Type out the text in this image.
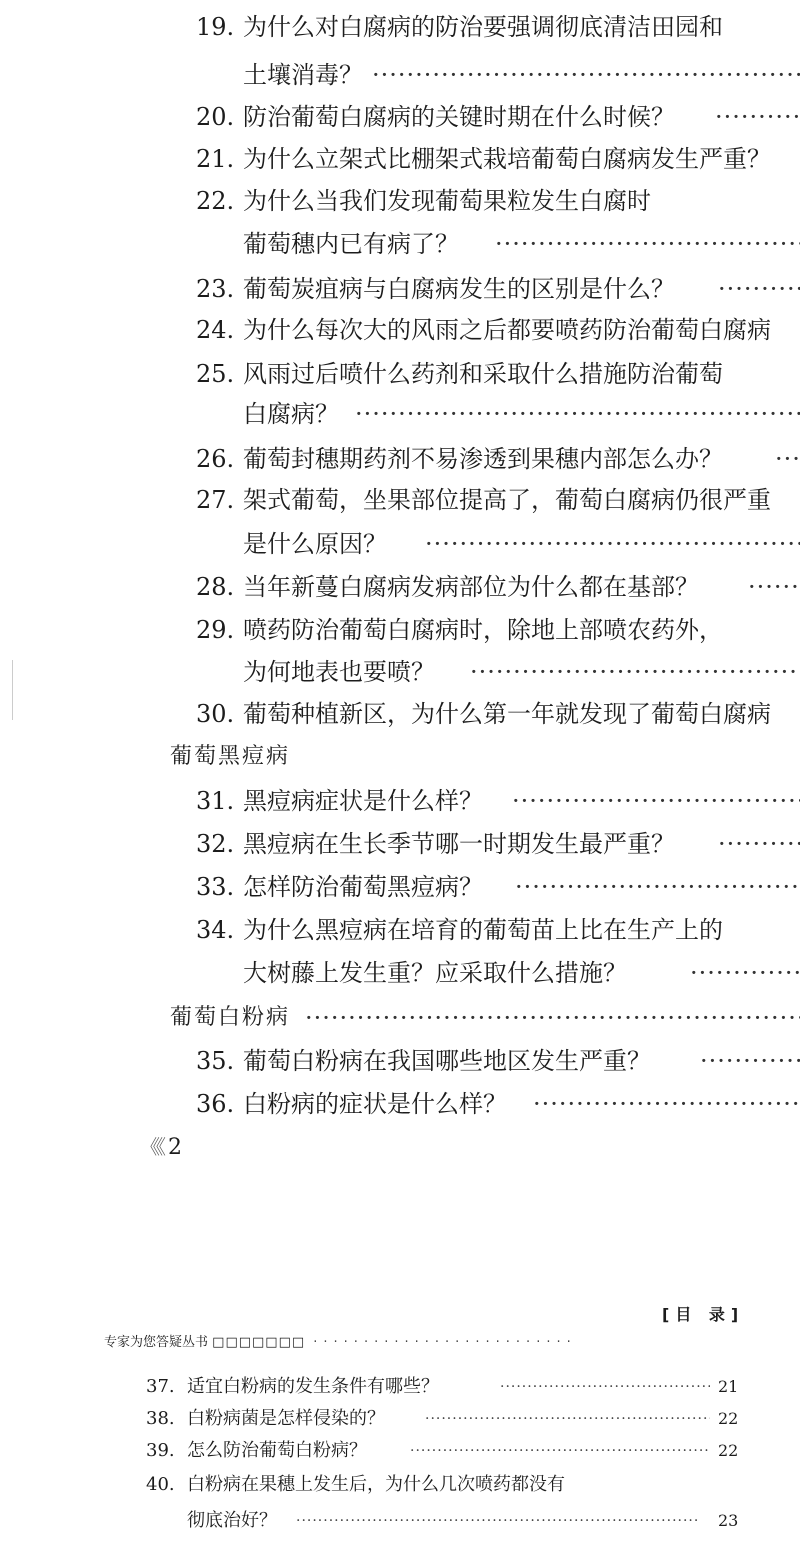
19. 为什么对白腐病的防治要强调彻底清洁田园和
土壤消毒？
·····
20. 防治葡萄白腐病的关键时期在什么时候？
·····
21. 为什么立架式比棚架式栽培葡萄白腐病发生严重？
22. 为什么当我们发现葡萄果粒发生白腐时
葡萄穗内已有病了？
·····
23. 葡萄炭疽病与白腐病发生的区别是什么？
·····
24. 为什么每次大的风雨之后都要喷药防治葡萄白腐病
25. 风雨过后喷什么药剂和采取什么措施防治葡萄
白腐病？
·····
26. 葡萄封穗期药剂不易渗透到果穗内部怎么办？
·····
27. 架式葡萄，坐果部位提高了，葡萄白腐病仍很严重
是什么原因？
·····
28. 当年新蔓白腐病发病部位为什么都在基部？
·····
29. 喷药防治葡萄白腐病时，除地上部喷农药外，
为何地表也要喷？
·····
30. 葡萄种植新区，为什么第一年就发现了葡萄白腐病
葡萄黑痘病
31. 黑痘病症状是什么样？
·····
32. 黑痘病在生长季节哪一时期发生最严重？
·····
33. 怎样防治葡萄黑痘病？
·····
34. 为什么黑痘病在培育的葡萄苗上比在生产上的
大树藤上发生重？应采取什么措施？
·····
葡萄白粉病
·····
35. 葡萄白粉病在我国哪些地区发生严重？
·····
36. 白粉病的症状是什么样？
·····
《《 2
[目 录]
专家为您答疑丛书 □□□□□□□ ··························
37. 适宜白粉病的发生条件有哪些？ ·····	21
38. 白粉病菌是怎样侵染的？ ·····	22
39. 怎么防治葡萄白粉病？ ·····	22
40. 白粉病在果穗上发生后，为什么几次喷药都没有
彻底治好？ ·····	23
